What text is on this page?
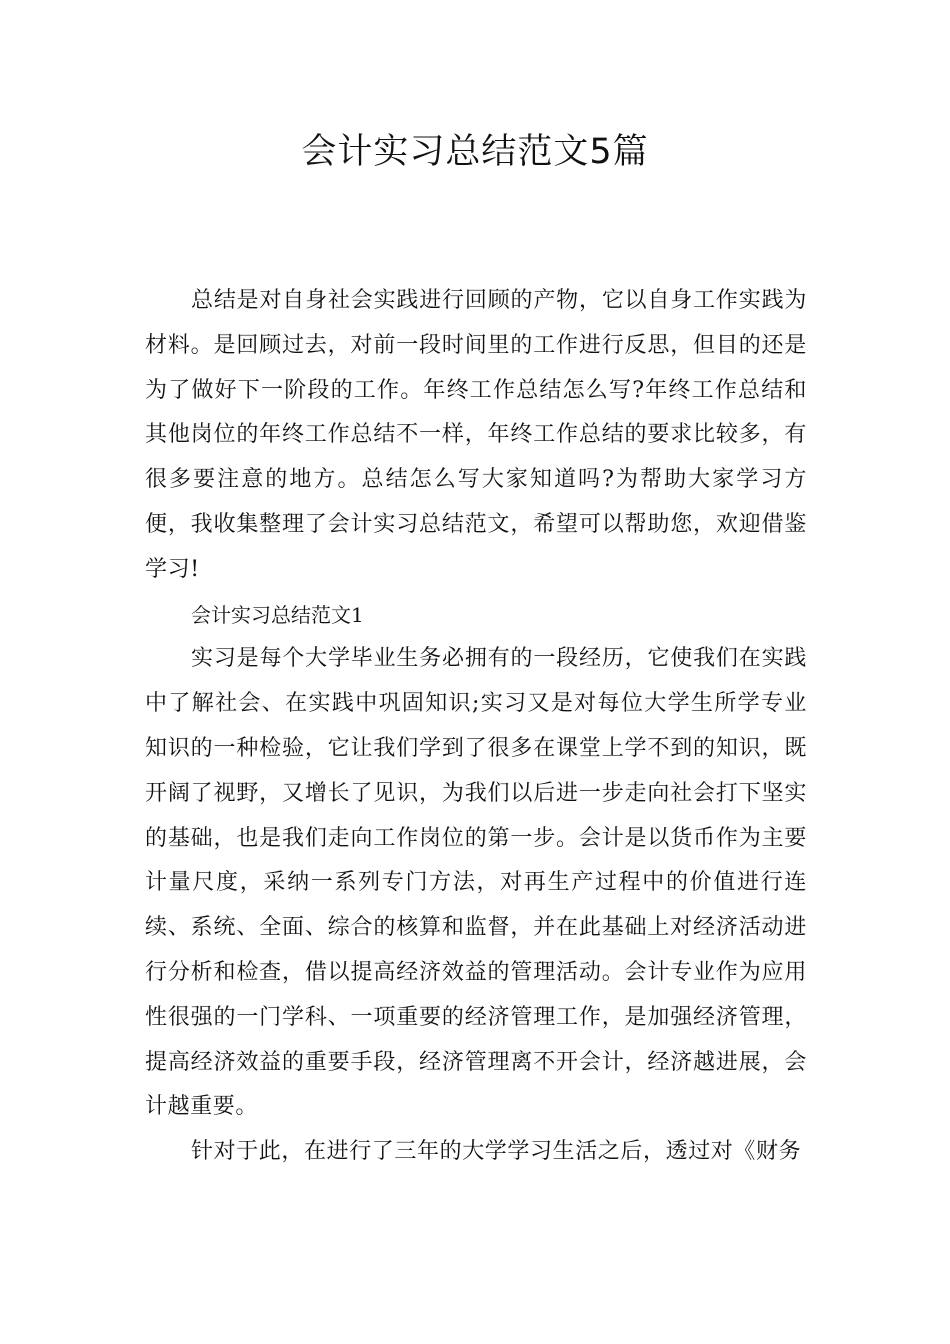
会计实习总结范文5篇

总结是对自身社会实践进行回顾的产物，它以自身工作实践为材料。是回顾过去，对前一段时间里的工作进行反思，但目的还是为了做好下一阶段的工作。年终工作总结怎么写?年终工作总结和其他岗位的年终工作总结不一样，年终工作总结的要求比较多，有很多要注意的地方。总结怎么写大家知道吗?为帮助大家学习方便，我收集整理了会计实习总结范文，希望可以帮助您，欢迎借鉴学习!

会计实习总结范文1

实习是每个大学毕业生务必拥有的一段经历，它使我们在实践中了解社会、在实践中巩固知识;实习又是对每位大学生所学专业知识的一种检验，它让我们学到了很多在课堂上学不到的知识，既开阔了视野，又增长了见识，为我们以后进一步走向社会打下坚实的基础，也是我们走向工作岗位的第一步。会计是以货币作为主要计量尺度，采纳一系列专门方法，对再生产过程中的价值进行连续、系统、全面、综合的核算和监督，并在此基础上对经济活动进行分析和检查，借以提高经济效益的管理活动。会计专业作为应用性很强的一门学科、一项重要的经济管理工作，是加强经济管理，提高经济效益的重要手段，经济管理离不开会计，经济越进展，会计越重要。

针对于此，在进行了三年的大学学习生活之后，透过对《财务
